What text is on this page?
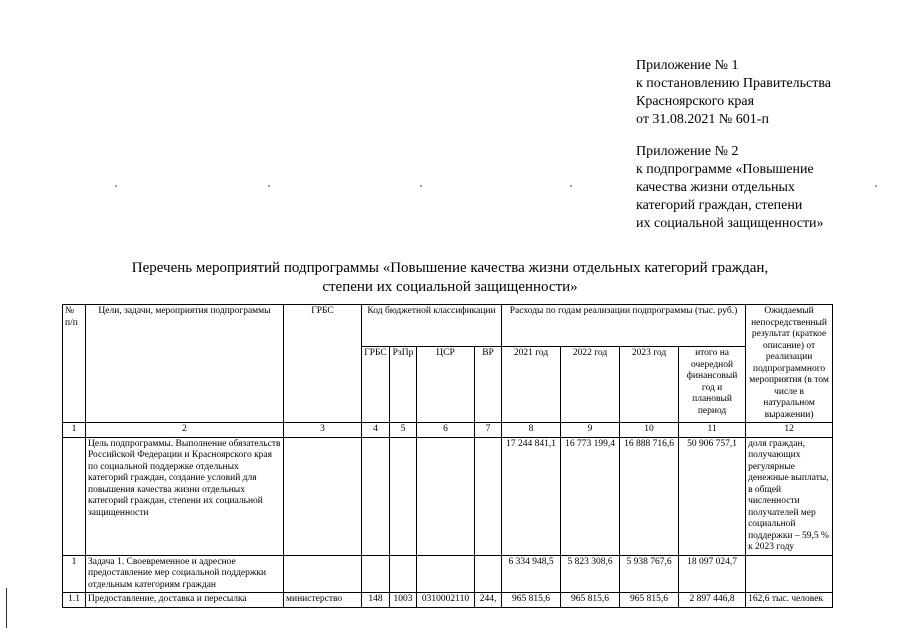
Приложение № 1
к постановлению Правительства
Красноярского края
от 31.08.2021 № 601-п
Приложение № 2
к подпрограмме «Повышение
качества жизни отдельных
категорий граждан, степени
их социальной защищенности»
Перечень мероприятий подпрограммы «Повышение качества жизни отдельных категорий граждан,
степени их социальной защищенности»
№ п/п	Цели, задачи, мероприятия подпрограммы	ГРБС	Код бюджетной классификации				Расходы по годам реализации подпрограммы (тыс. руб.)				Ожидаемый непосредственный результат (краткое описание) от реализации подпрограммного мероприятия (в том числе в натуральном выражении)
			ГРБС	РзПр	ЦСР	ВР	2021 год	2022 год	2023 год	итого на очередной финансовый год и плановый период	
1	2	3	4	5	6	7	8	9	10	11	12
	Цель подпрограммы. Выполнение обязательств Российской Федерации и Красноярского края по социальной поддержке отдельных категорий граждан, создание условий для повышения качества жизни отдельных категорий граждан, степени их социальной защищенности						17 244 841,1	16 773 199,4	16 888 716,6	50 906 757,1	доля граждан, получающих регулярные денежные выплаты, в общей численности получателей мер социальной поддержки – 59,5 % к 2023 году
1	Задача 1. Своевременное и адресное предоставление мер социальной поддержки отдельным категориям граждан						6 334 948,5	5 823 308,6	5 938 767,6	18 097 024,7	
1.1	Предоставление, доставка и пересылка	министерство	148	1003	0310002110	244,	965 815,6	965 815,6	965 815,6	2 897 446,8	162,6 тыс. человек
